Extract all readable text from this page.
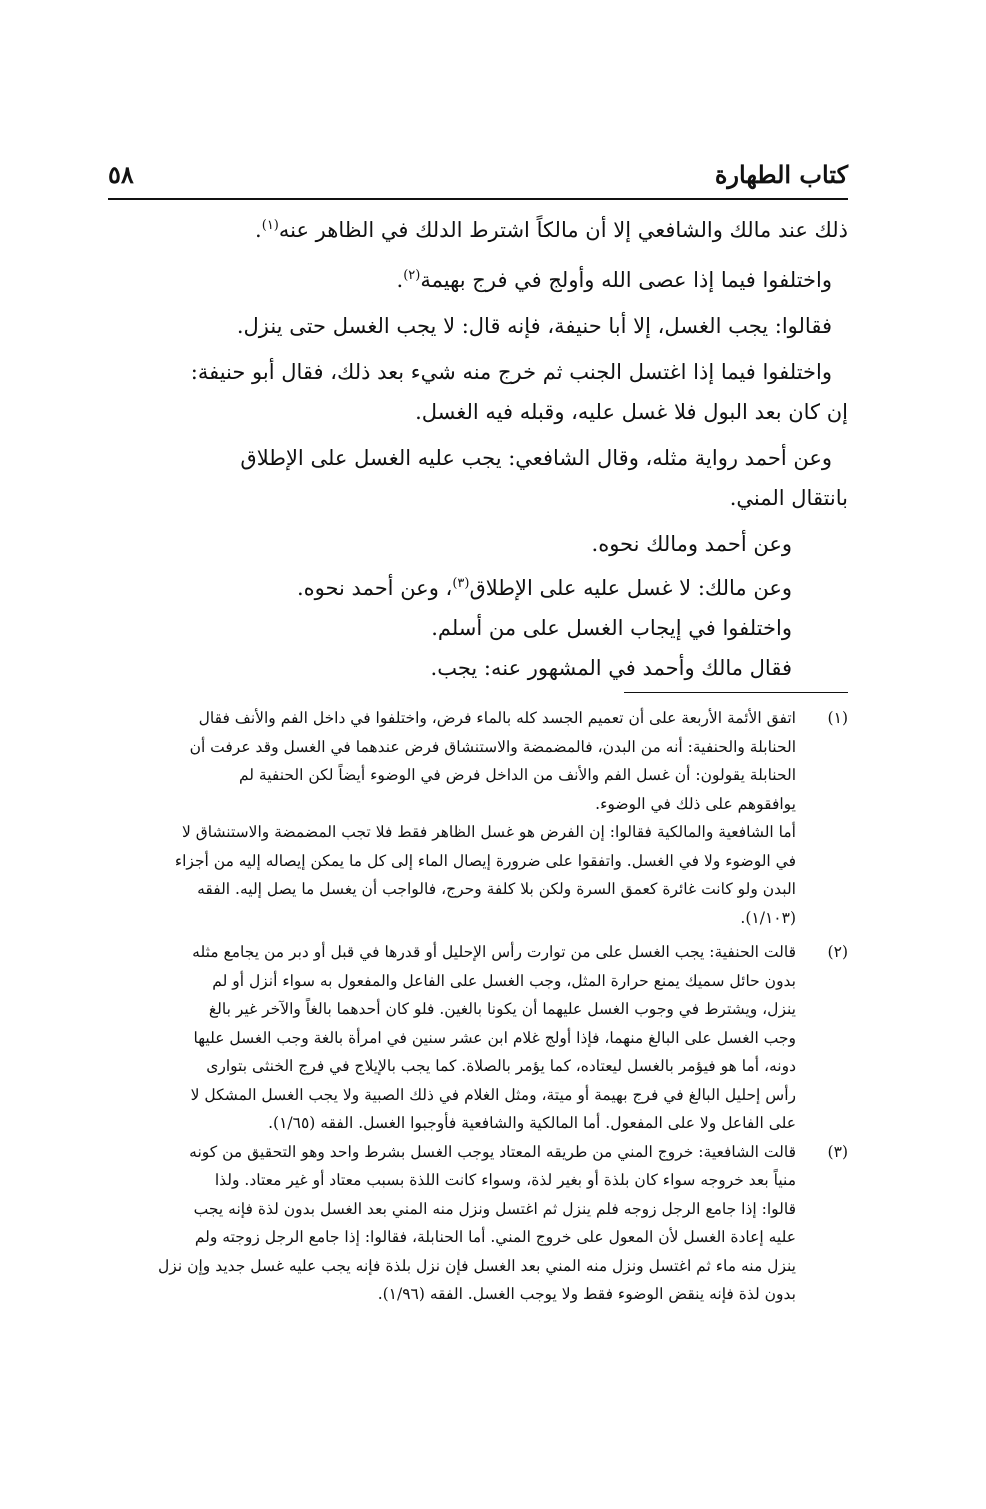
كتاب الطهارة
٥٨

ذلك عند مالك والشافعي إلا أن مالكاً اشترط الدلك في الظاهر عنه$^{(١)}$.

واختلفوا فيما إذا عصى الله وأولج في فرج بهيمة$^{(٢)}$.

فقالوا: يجب الغسل، إلا أبا حنيفة، فإنه قال: لا يجب الغسل حتى ينزل.

واختلفوا فيما إذا اغتسل الجنب ثم خرج منه شيء بعد ذلك، فقال أبو حنيفة:

إن كان بعد البول فلا غسل عليه، وقبله فيه الغسل.

وعن أحمد رواية مثله، وقال الشافعي: يجب عليه الغسل على الإطلاق

بانتقال المني.

وعن أحمد ومالك نحوه.

وعن مالك: لا غسل عليه على الإطلاق$^{(٣)}$، وعن أحمد نحوه.

واختلفوا في إيجاب الغسل على من أسلم.

فقال مالك وأحمد في المشهور عنه: يجب.

(١)
اتفق الأئمة الأربعة على أن تعميم الجسد كله بالماء فرض، واختلفوا في داخل الفم والأنف فقال
الحنابلة والحنفية: أنه من البدن، فالمضمضة والاستنشاق فرض عندهما في الغسل وقد عرفت أن
الحنابلة يقولون: أن غسل الفم والأنف من الداخل فرض في الوضوء أيضاً لكن الحنفية لم
يوافقوهم على ذلك في الوضوء.
أما الشافعية والمالكية فقالوا: إن الفرض هو غسل الظاهر فقط فلا تجب المضمضة والاستنشاق لا
في الوضوء ولا في الغسل. واتفقوا على ضرورة إيصال الماء إلى كل ما يمكن إيصاله إليه من أجزاء
البدن ولو كانت غائرة كعمق السرة ولكن بلا كلفة وحرج، فالواجب أن يغسل ما يصل إليه. الفقه
(١/١٠٣).
(٢)
قالت الحنفية: يجب الغسل على من توارت رأس الإحليل أو قدرها في قبل أو دبر من يجامع مثله
بدون حائل سميك يمنع حرارة المثل، وجب الغسل على الفاعل والمفعول به سواء أنزل أو لم
ينزل، ويشترط في وجوب الغسل عليهما أن يكونا بالغين. فلو كان أحدهما بالغاً والآخر غير بالغ
وجب الغسل على البالغ منهما، فإذا أولج غلام ابن عشر سنين في امرأة بالغة وجب الغسل عليها
دونه، أما هو فيؤمر بالغسل ليعتاده، كما يؤمر بالصلاة. كما يجب بالإيلاج في فرج الخنثى بتوارى
رأس إحليل البالغ في فرج بهيمة أو ميتة، ومثل الغلام في ذلك الصبية ولا يجب الغسل المشكل لا
على الفاعل ولا على المفعول. أما المالكية والشافعية فأوجبوا الغسل. الفقه (١/٦٥).
(٣)
قالت الشافعية: خروج المني من طريقه المعتاد يوجب الغسل بشرط واحد وهو التحقيق من كونه
منياً بعد خروجه سواء كان بلذة أو بغير لذة، وسواء كانت اللذة بسبب معتاد أو غير معتاد. ولذا
قالوا: إذا جامع الرجل زوجه فلم ينزل ثم اغتسل ونزل منه المني بعد الغسل بدون لذة فإنه يجب
عليه إعادة الغسل لأن المعول على خروج المني. أما الحنابلة، فقالوا: إذا جامع الرجل زوجته ولم
ينزل منه ماء ثم اغتسل ونزل منه المني بعد الغسل فإن نزل بلذة فإنه يجب عليه غسل جديد وإن نزل
بدون لذة فإنه ينقض الوضوء فقط ولا يوجب الغسل. الفقه (١/٩٦).
